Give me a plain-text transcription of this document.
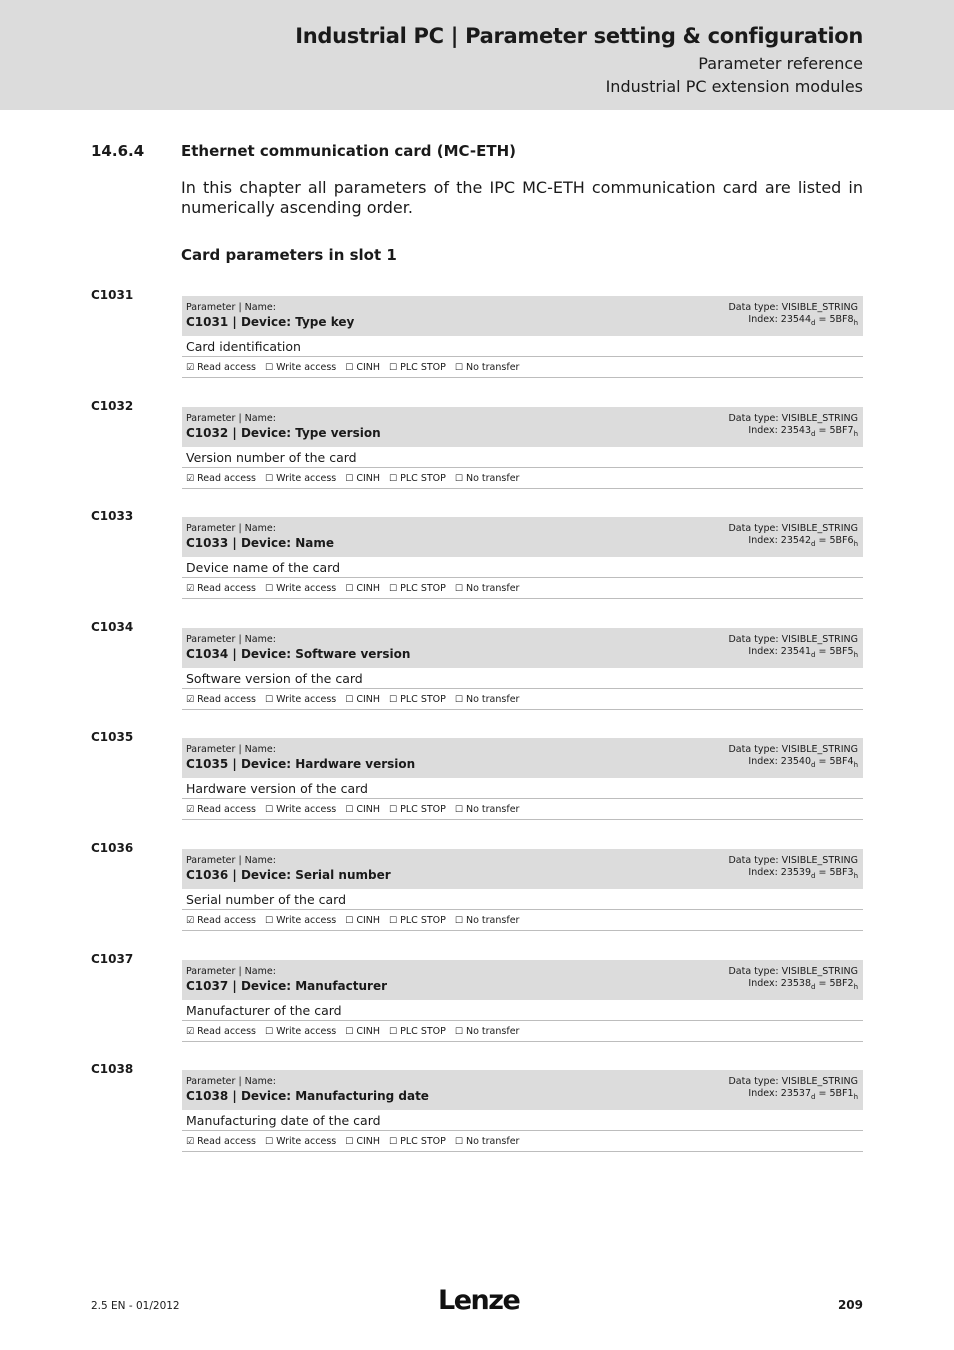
Industrial PC | Parameter setting & configuration
Parameter reference
Industrial PC extension modules
14.6.4 Ethernet communication card (MC-ETH)
In this chapter all parameters of the IPC MC-ETH communication card are listed in numerically ascending order.
Card parameters in slot 1
C1031
Parameter | Name:
C1031 | Device: Type key
Data type: VISIBLE_STRING
Index: $23544_d = 5BF8_h$
Card identification
☑ Read access ☐ Write access ☐ CINH ☐ PLC STOP ☐ No transfer
C1032
Parameter | Name:
C1032 | Device: Type version
Data type: VISIBLE_STRING
Index: $23543_d = 5BF7_h$
Version number of the card
☑ Read access ☐ Write access ☐ CINH ☐ PLC STOP ☐ No transfer
C1033
Parameter | Name:
C1033 | Device: Name
Data type: VISIBLE_STRING
Index: $23542_d = 5BF6_h$
Device name of the card
☑ Read access ☐ Write access ☐ CINH ☐ PLC STOP ☐ No transfer
C1034
Parameter | Name:
C1034 | Device: Software version
Data type: VISIBLE_STRING
Index: $23541_d = 5BF5_h$
Software version of the card
☑ Read access ☐ Write access ☐ CINH ☐ PLC STOP ☐ No transfer
C1035
Parameter | Name:
C1035 | Device: Hardware version
Data type: VISIBLE_STRING
Index: $23540_d = 5BF4_h$
Hardware version of the card
☑ Read access ☐ Write access ☐ CINH ☐ PLC STOP ☐ No transfer
C1036
Parameter | Name:
C1036 | Device: Serial number
Data type: VISIBLE_STRING
Index: $23539_d = 5BF3_h$
Serial number of the card
☑ Read access ☐ Write access ☐ CINH ☐ PLC STOP ☐ No transfer
C1037
Parameter | Name:
C1037 | Device: Manufacturer
Data type: VISIBLE_STRING
Index: $23538_d = 5BF2_h$
Manufacturer of the card
☑ Read access ☐ Write access ☐ CINH ☐ PLC STOP ☐ No transfer
C1038
Parameter | Name:
C1038 | Device: Manufacturing date
Data type: VISIBLE_STRING
Index: $23537_d = 5BF1_h$
Manufacturing date of the card
☑ Read access ☐ Write access ☐ CINH ☐ PLC STOP ☐ No transfer
2.5 EN - 01/2012	Lenze	209
